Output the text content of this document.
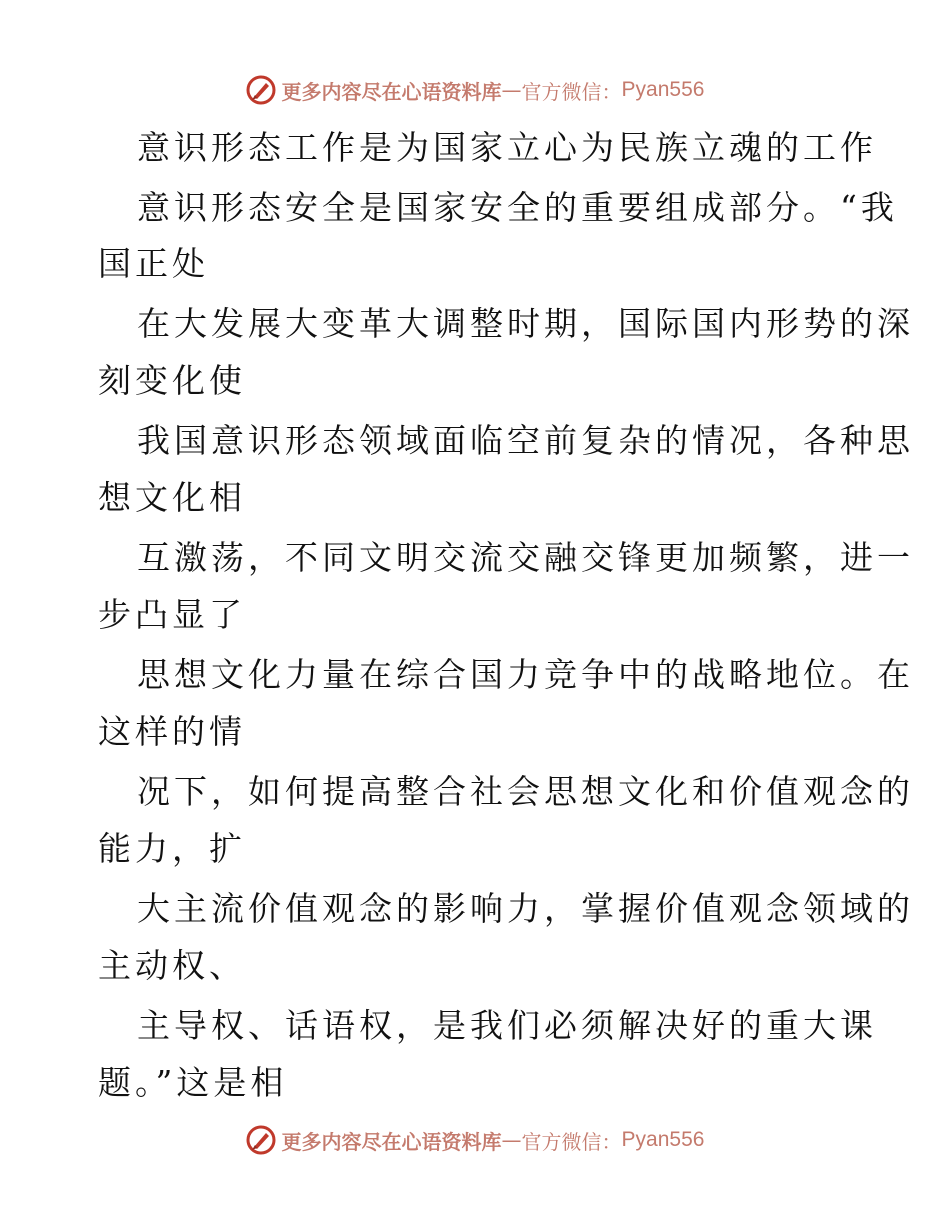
更多内容尽在心语资料库 — 官方微信： Pyan556
意识形态工作是为国家立心为民族立魂的工作
意识形态安全是国家安全的重要组成部分。“我
国正处
在大发展大变革大调整时期，国际国内形势的深
刻变化使
我国意识形态领域面临空前复杂的情况，各种思
想文化相
互激荡，不同文明交流交融交锋更加频繁，进一
步凸显了
思想文化力量在综合国力竞争中的战略地位。在
这样的情
况下，如何提高整合社会思想文化和价值观念的
能力，扩
大主流价值观念的影响力，掌握价值观念领域的
主动权、
主导权、话语权，是我们必须解决好的重大课
题。”这是相
更多内容尽在心语资料库 — 官方微信： Pyan556
